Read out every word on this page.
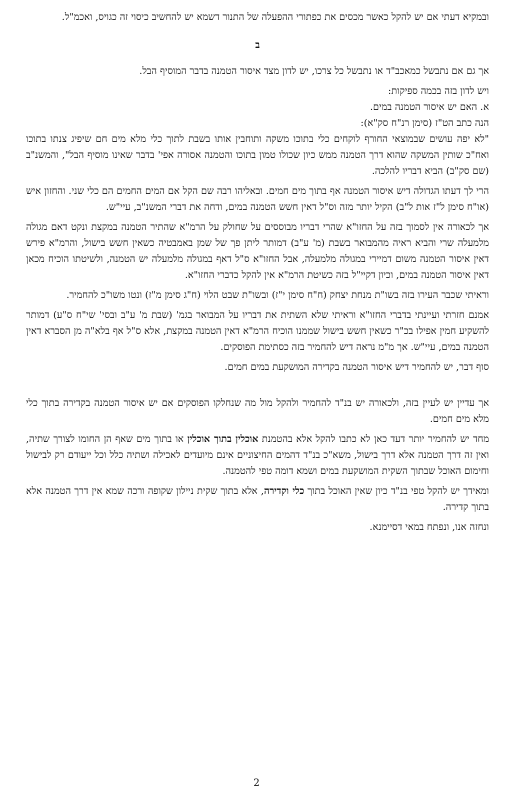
ובמקיא דעתי אם יש להקל כאשר מכסים את כפתורי ההפעלה של התנור דשמא יש להחשיב כיסוי זה כגויס, ואכמ"ל.

ב

אך גם אם נתבשל כמאכב"ד או נתבשל כל צרכו, יש לדון מצד איסור הטמנה בדבר המוסיף הבל.

ויש לדון בזה בכמה ספיקות:

א. האם יש איסור הטמנה במים.

הנה כתב הט"ז (סימן רנ"ח סק"א):

"לא יפה עושים שבמוצאי החורף לוקחים כלי בתוכו משקה ותוחבין אותו בשבת לתוך כלי מלא מים חם שיפיג צנתו בתוכו ואח"כ שותין המשקה שהוא דרך הטמנה ממש כיון שכולו טמון בתוכו והטמנה אסורה אפי' בדבר שאינו מוסיף הבל", והמשנ"ב (שם סק"ב) הביא דבריו להלכה.

הרי לך דעתו הגדולה דיש איסור הטמנה אף בתוך מים חמים. ובאליהו רבה שם הקל אם המים החמים הם כלי שני. והחזון איש (או"ח סימן ל"ז אות ל"ב) הקיל יותר מזה וס"ל דאין חשש הטמנה במים, ודחה את דברי המשנ"ב, עיי"ש.

אך לכאורה אין לסמוך בזה על החזו"א שהרי דבריו מבוססים על שחולק על הרמ"א שהתיר הטמנה במקצת ונקט דאם מגולה מלמעלה שרי והביא ראיה מהמבואר בשבת (מ' ע"ב) דמותר ליתן פך של שמן באמבטיה כשאין חשש בישול, והרמ"א פירש דאין איסור הטמנה משום דמיירי במגולה מלמעלה, אבל החזו"א ס"ל דאף במגולה מלמעלה יש הטמנה, ולשיטתו הוכיח מכאן דאין איסור הטמנה במים, וכיון דקיי"ל בזה כשיטת הרמ"א אין להקל כדברי החזו"א.

וראיתי שכבר העירו בזה בשו"ת מנחת יצחק (ח"ח סימן י"ז) ובשו"ת שבט הלוי (ח"ג סימן מ"ז) ונטו משו"כ להחמיר.

אמנם חזרתי ועיינתי בדברי החזו"א וראיתי שלא השתית את דבריו על המבואר בגמ' (שבת מ' ע"ב ובסי' שי"ח ס"ע) דמותר להשקיע חמין אפילו בכ"ר כשאין חשש בישול שממנו הוכיח הרמ"א דאין הטמנה במקצת, אלא ס"ל אף בלא"ה מן הסברא דאין הטמנה במים, עיי"ש. אך מ"מ נראה דיש להחמיר בזה כסתימת הפוסקים.

סוף דבר, יש להחמיר דיש איסור הטמנה בקדירה המושקעת במים חמים.

אך עדיין יש לעיין בזה, ולכאורה יש בנ"ד להחמיר ולהקל מול מה שנחלקו הפוסקים אם יש איסור הטמנה בקדירה בתוך כלי מלא מים חמים.

מחד יש להחמיר יותר דעד כאן לא כתבו להקל אלא בהטמנת אוכלין בתוך אוכלין או בתוך מים שאף הן החומו לצורך שתיה, ואין זה דרך הטמנה אלא דרך בישול, משא"כ בנ"ד דהמים החיצוניים אינם מיועדים לאכילה ושתיה כלל וכל ייעודם רק לבישול וחימום האוכל שבתוך השקית המושקעת במים ושמא דומה טפי להטמנה.

ומאידך יש להקל טפי בנ"ד כיון שאין האוכל בתוך כלי וקדירה, אלא בתוך שקית ניילון שקופה ורכה שמא אין דרך הטמנה אלא בתוך קדירה.

ונחזה אנו, ונפתח במאי דסיימנא.

2
